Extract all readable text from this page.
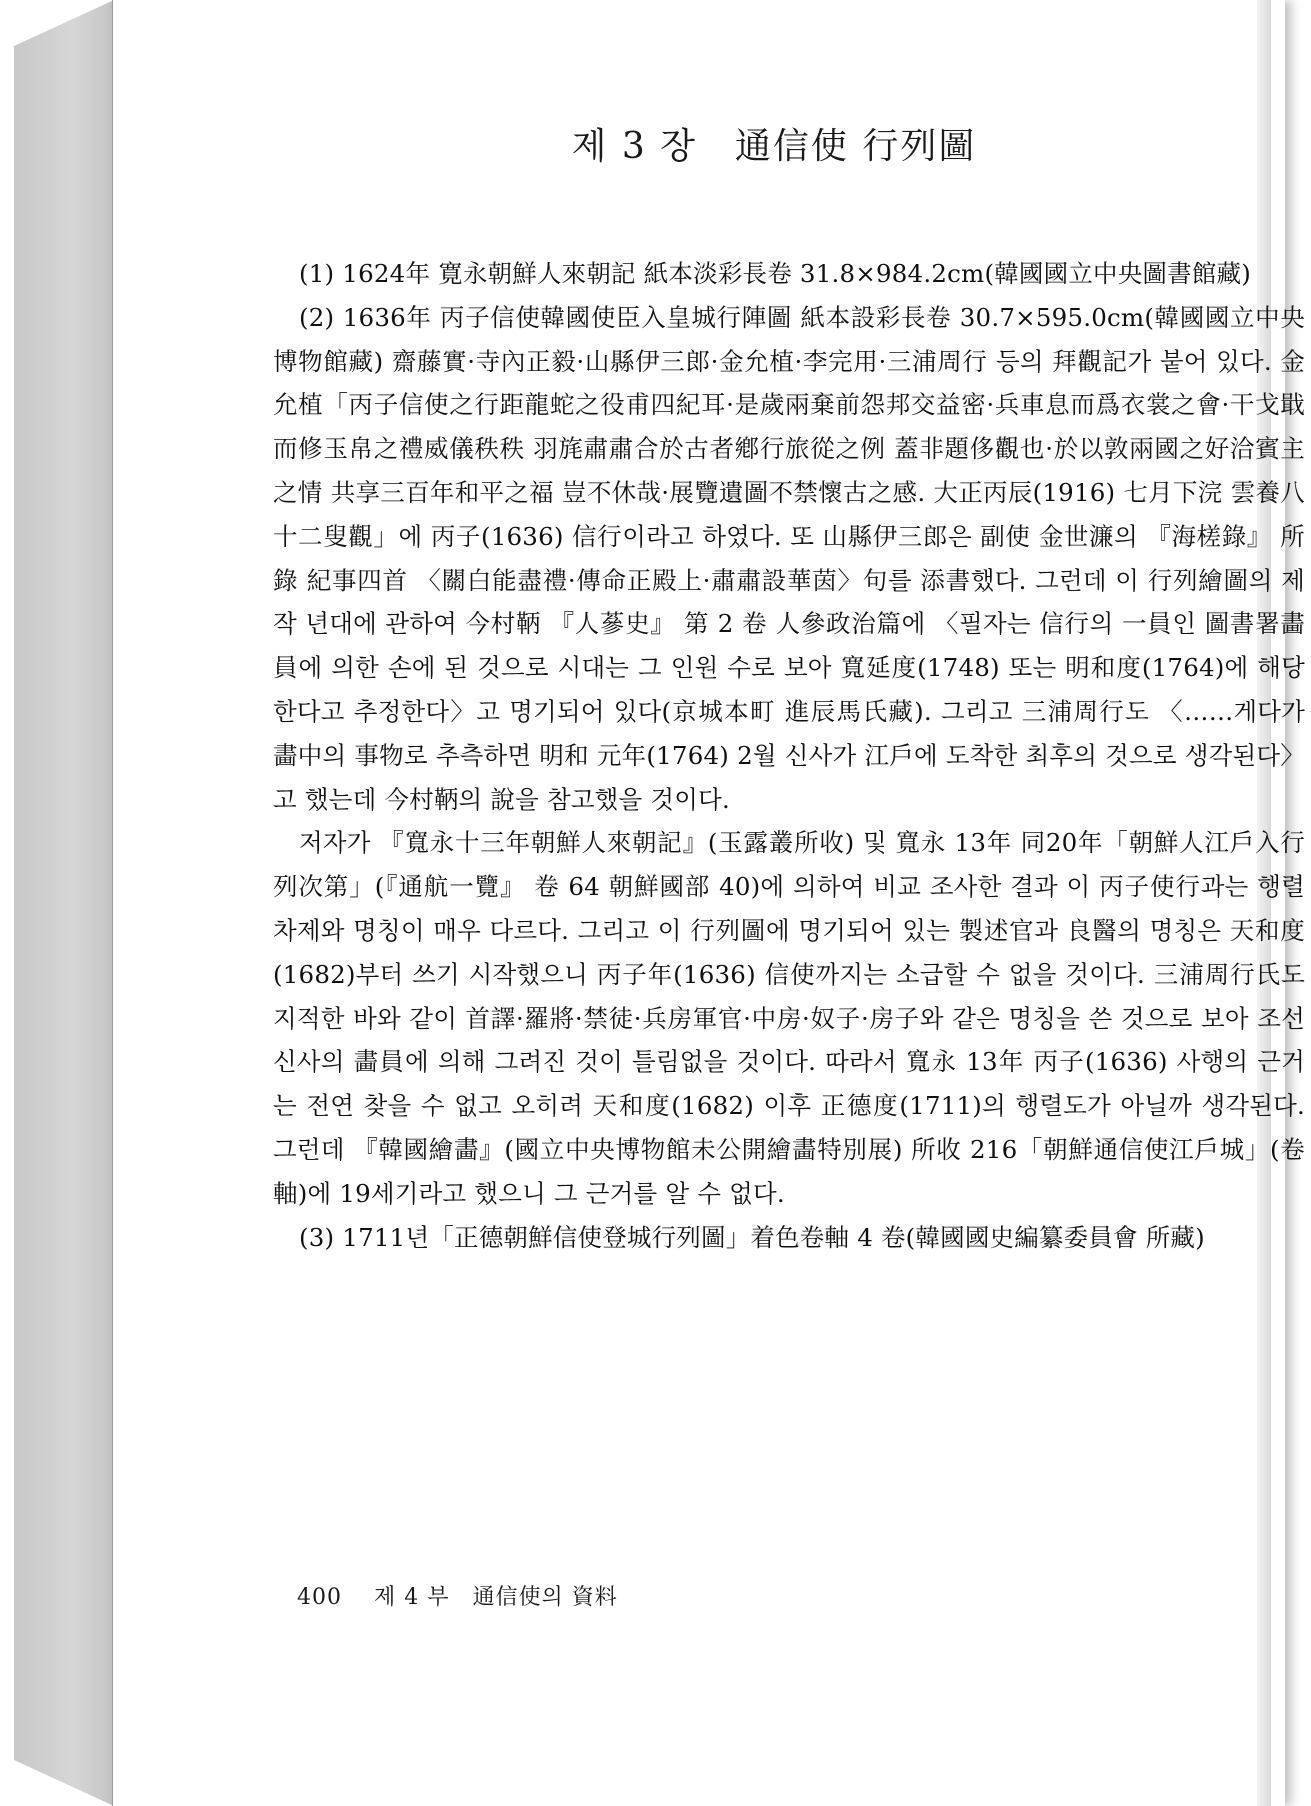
제 3 장　通信使 行列圖

(1) 1624年 寛永朝鮮人來朝記 紙本淡彩長卷 31.8×984.2cm(韓國國立中央圖書館藏)

(2) 1636年 丙子信使韓國使臣入皇城行陣圖 紙本設彩長卷 30.7×595.0cm(韓國國立中央博物館藏) 齋藤實·寺內正毅·山縣伊三郎·金允植·李完用·三浦周行 등의 拜觀記가 붙어 있다. 金允植「丙子信使之行距龍蛇之役甫四紀耳·是歲兩棄前怨邦交益密·兵車息而爲衣裳之會·干戈戢而修玉帛之禮威儀秩秩 羽旄肅肅合於古者鄕行旅從之例 蓋非題侈觀也·於以敦兩國之好洽賓主之情 共享三百年和平之福 豈不休哉·展覽遺圖不禁懷古之感. 大正丙辰(1916) 七月下浣 雲養八十二叟觀」에 丙子(1636) 信行이라고 하였다. 또 山縣伊三郎은 副使 金世濂의 『海槎錄』 所錄 紀事四首 〈關白能盡禮·傳命正殿上·肅肅設華茵〉句를 添書했다. 그런데 이 行列繪圖의 제작 년대에 관하여 今村鞆 『人蔘史』 第 2 卷 人參政治篇에 〈필자는 信行의 一員인 圖書署畵員에 의한 손에 된 것으로 시대는 그 인원 수로 보아 寬延度(1748) 또는 明和度(1764)에 해당한다고 추정한다〉고 명기되어 있다(京城本町 進辰馬氏藏). 그리고 三浦周行도 〈……게다가 畵中의 事物로 추측하면 明和 元年(1764) 2월 신사가 江戶에 도착한 최후의 것으로 생각된다〉고 했는데 今村鞆의 說을 참고했을 것이다.

저자가 『寬永十三年朝鮮人來朝記』(玉露叢所收) 및 寬永 13年 同20年「朝鮮人江戶入行列次第」(『通航一覽』 卷 64 朝鮮國部 40)에 의하여 비교 조사한 결과 이 丙子使行과는 행렬차제와 명칭이 매우 다르다. 그리고 이 行列圖에 명기되어 있는 製述官과 良醫의 명칭은 天和度(1682)부터 쓰기 시작했으니 丙子年(1636) 信使까지는 소급할 수 없을 것이다. 三浦周行氏도 지적한 바와 같이 首譯·羅將·禁徒·兵房軍官·中房·奴子·房子와 같은 명칭을 쓴 것으로 보아 조선신사의 畵員에 의해 그려진 것이 틀림없을 것이다. 따라서 寬永 13年 丙子(1636) 사행의 근거는 전연 찾을 수 없고 오히려 天和度(1682) 이후 正德度(1711)의 행렬도가 아닐까 생각된다. 그런데 『韓國繪畵』(國立中央博物館未公開繪畵特別展) 所收 216「朝鮮通信使江戶城」(卷軸)에 19세기라고 했으니 그 근거를 알 수 없다.

(3) 1711년「正德朝鮮信使登城行列圖」着色卷軸 4 卷(韓國國史編纂委員會 所藏)

400 제 4 부　通信使의 資料
